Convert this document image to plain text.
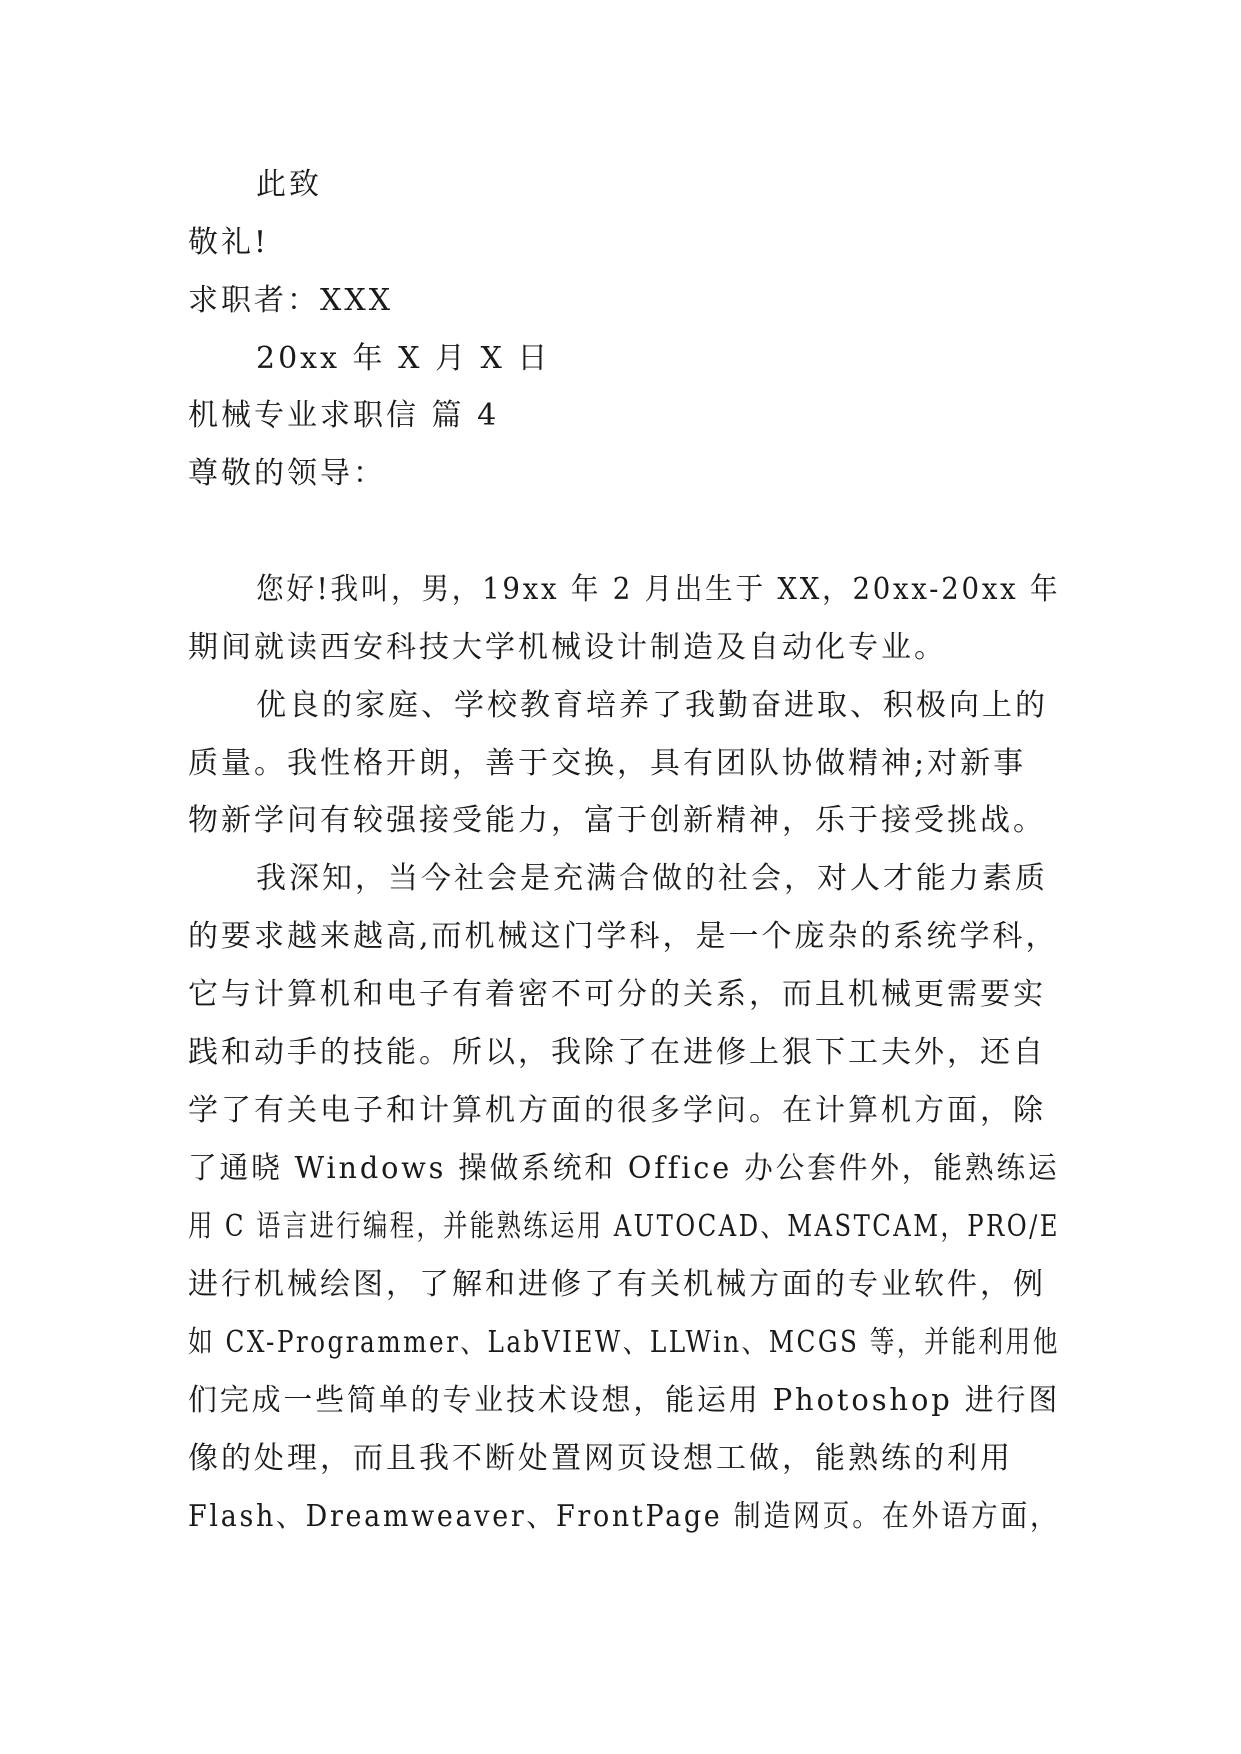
此致
敬礼!
求职者：XXX
20xx 年 X 月 X 日
机械专业求职信 篇 4
尊敬的领导：
您好!我叫，男，19xx 年 2 月出生于 XX，20xx-20xx 年
期间就读西安科技大学机械设计制造及自动化专业。
优良的家庭、学校教育培养了我勤奋进取、积极向上的
质量。我性格开朗，善于交换，具有团队协做精神;对新事
物新学问有较强接受能力，富于创新精神，乐于接受挑战。
我深知，当今社会是充满合做的社会，对人才能力素质
的要求越来越高,而机械这门学科，是一个庞杂的系统学科，
它与计算机和电子有着密不可分的关系，而且机械更需要实
践和动手的技能。所以，我除了在进修上狠下工夫外，还自
学了有关电子和计算机方面的很多学问。在计算机方面，除
了通晓 Windows 操做系统和 Office 办公套件外，能熟练运
用 C 语言进行编程，并能熟练运用 AUTOCAD、MASTCAM，PRO/E
进行机械绘图，了解和进修了有关机械方面的专业软件，例
如 CX-Programmer、LabVIEW、LLWin、MCGS 等，并能利用他
们完成一些简单的专业技术设想，能运用 Photoshop 进行图
像的处理，而且我不断处置网页设想工做，能熟练的利用
Flash、Dreamweaver、FrontPage 制造网页。在外语方面，
